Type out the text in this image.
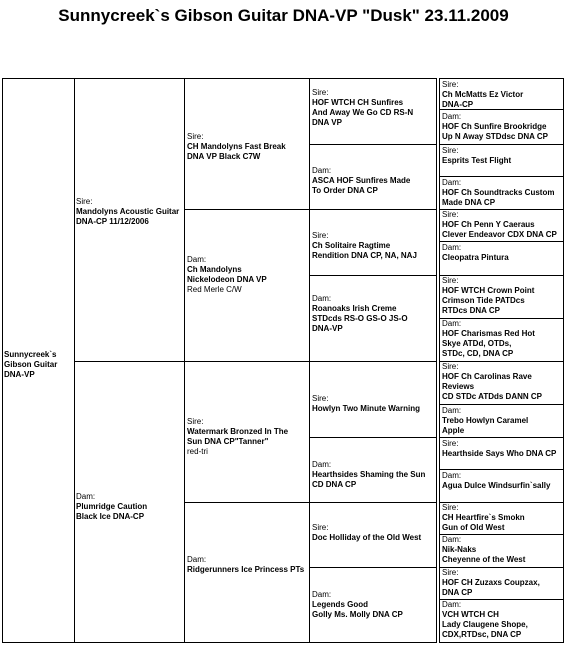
Sunnycreek`s Gibson Guitar DNA-VP "Dusk" 23.11.2009
Sunnycreek`s
Gibson Guitar
DNA-VP
Sire:
Mandolyns Acoustic Guitar
DNA-CP 11/12/2006
Dam:
Plumridge Caution
Black Ice DNA-CP
Sire:
CH Mandolyns Fast Break
DNA VP Black C7W
Dam:
Ch Mandolyns
Nickelodeon DNA VP
Red Merle C/W
Sire:
Watermark Bronzed In The
Sun DNA CP"Tanner"
red-tri
Dam:
Ridgerunners Ice Princess PTs
Sire:
HOF WTCH CH Sunfires
And Away We Go CD RS-N
DNA VP
Dam:
ASCA HOF Sunfires Made
To Order DNA CP
Sire:
Ch Solitaire Ragtime
Rendition DNA CP, NA, NAJ
Dam:
Roanoaks Irish Creme
STDcds RS-O GS-O JS-O
DNA-VP
Sire:
Howlyn Two Minute Warning
Dam:
Hearthsides Shaming the Sun
CD DNA CP
Sire:
Doc Holliday of the Old West
Dam:
Legends Good
Golly Ms. Molly DNA CP
Sire:
Ch McMatts Ez Victor
DNA-CP
Dam:
HOF Ch Sunfire Brookridge
Up N Away STDdsc DNA CP
Sire:
Esprits Test Flight
Dam:
HOF Ch Soundtracks Custom
Made DNA CP
Sire:
HOF Ch Penn Y Caeraus
Clever Endeavor CDX DNA CP
Dam:
Cleopatra Pintura
Sire:
HOF WTCH Crown Point
Crimson Tide PATDcs
RTDcs DNA CP
Dam:
HOF Charismas Red Hot
Skye ATDd, OTDs,
STDc, CD, DNA CP
Sire:
HOF Ch Carolinas Rave
Reviews
CD STDc ATDds DANN CP
Dam:
Trebo Howlyn Caramel
Apple
Sire:
Hearthside Says Who DNA CP
Dam:
Agua Dulce Windsurfin`sally
Sire:
CH Heartfire`s Smokn
Gun of Old West
Dam:
Nik-Naks
Cheyenne of the West
Sire:
HOF CH Zuzaxs Coupzax,
DNA CP
Dam:
VCH WTCH CH
Lady Claugene Shope,
CDX,RTDsc, DNA CP
